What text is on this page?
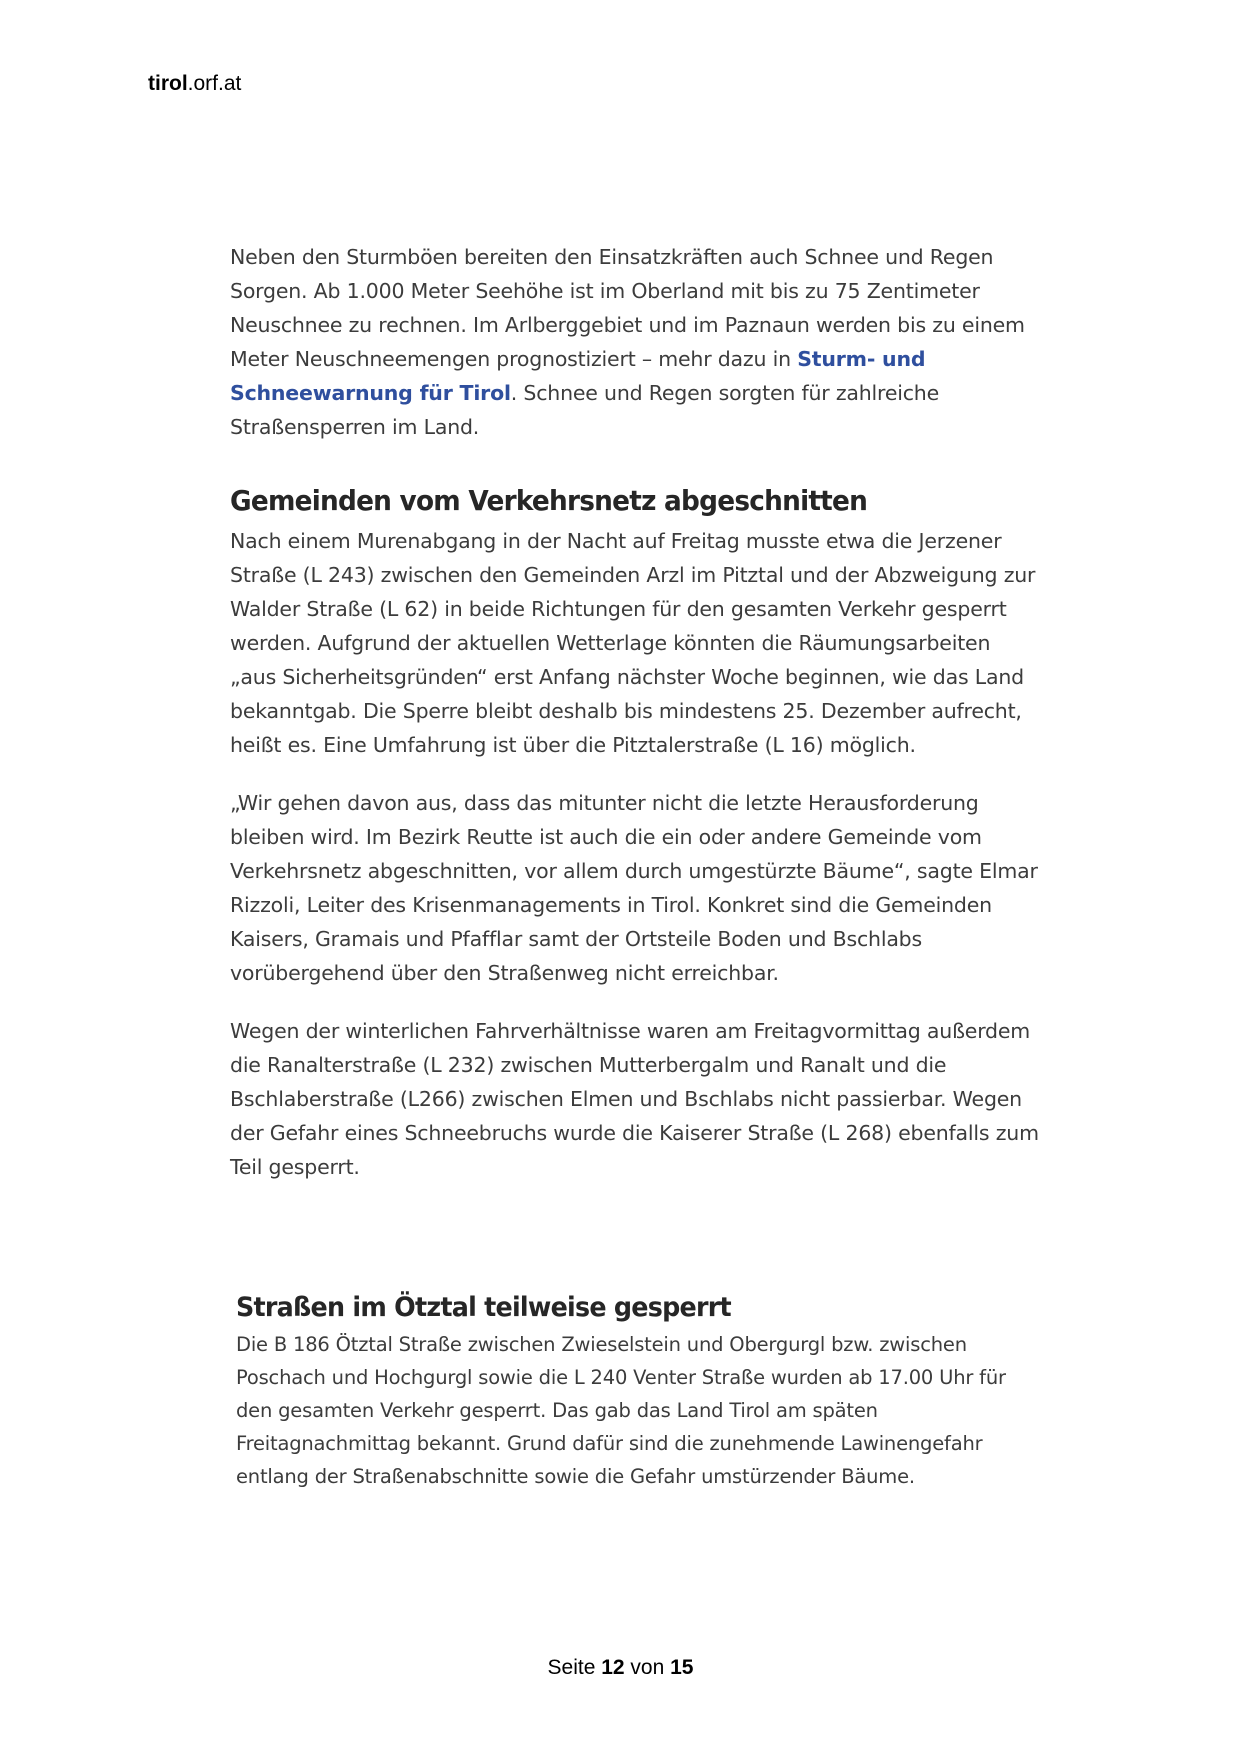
tirol.orf.at

Neben den Sturmböen bereiten den Einsatzkräften auch Schnee und Regen Sorgen. Ab 1.000 Meter Seehöhe ist im Oberland mit bis zu 75 Zentimeter Neuschnee zu rechnen. Im Arlberggebiet und im Paznaun werden bis zu einem Meter Neuschneemengen prognostiziert – mehr dazu in Sturm- und Schneewarnung für Tirol. Schnee und Regen sorgten für zahlreiche Straßensperren im Land.

Gemeinden vom Verkehrsnetz abgeschnitten

Nach einem Murenabgang in der Nacht auf Freitag musste etwa die Jerzener Straße (L 243) zwischen den Gemeinden Arzl im Pitztal und der Abzweigung zur Walder Straße (L 62) in beide Richtungen für den gesamten Verkehr gesperrt werden. Aufgrund der aktuellen Wetterlage könnten die Räumungsarbeiten „aus Sicherheitsgründen“ erst Anfang nächster Woche beginnen, wie das Land bekanntgab. Die Sperre bleibt deshalb bis mindestens 25. Dezember aufrecht, heißt es. Eine Umfahrung ist über die Pitztalerstraße (L 16) möglich.

„Wir gehen davon aus, dass das mitunter nicht die letzte Herausforderung bleiben wird. Im Bezirk Reutte ist auch die ein oder andere Gemeinde vom Verkehrsnetz abgeschnitten, vor allem durch umgestürzte Bäume“, sagte Elmar Rizzoli, Leiter des Krisenmanagements in Tirol. Konkret sind die Gemeinden Kaisers, Gramais und Pfafflar samt der Ortsteile Boden und Bschlabs vorübergehend über den Straßenweg nicht erreichbar.

Wegen der winterlichen Fahrverhältnisse waren am Freitagvormittag außerdem die Ranalterstraße (L 232) zwischen Mutterbergalm und Ranalt und die Bschlaberstraße (L266) zwischen Elmen und Bschlabs nicht passierbar. Wegen der Gefahr eines Schneebruchs wurde die Kaiserer Straße (L 268) ebenfalls zum Teil gesperrt.

Straßen im Ötztal teilweise gesperrt

Die B 186 Ötztal Straße zwischen Zwieselstein und Obergurgl bzw. zwischen Poschach und Hochgurgl sowie die L 240 Venter Straße wurden ab 17.00 Uhr für den gesamten Verkehr gesperrt. Das gab das Land Tirol am späten Freitagnachmittag bekannt. Grund dafür sind die zunehmende Lawinengefahr entlang der Straßenabschnitte sowie die Gefahr umstürzender Bäume.

Seite 12 von 15
